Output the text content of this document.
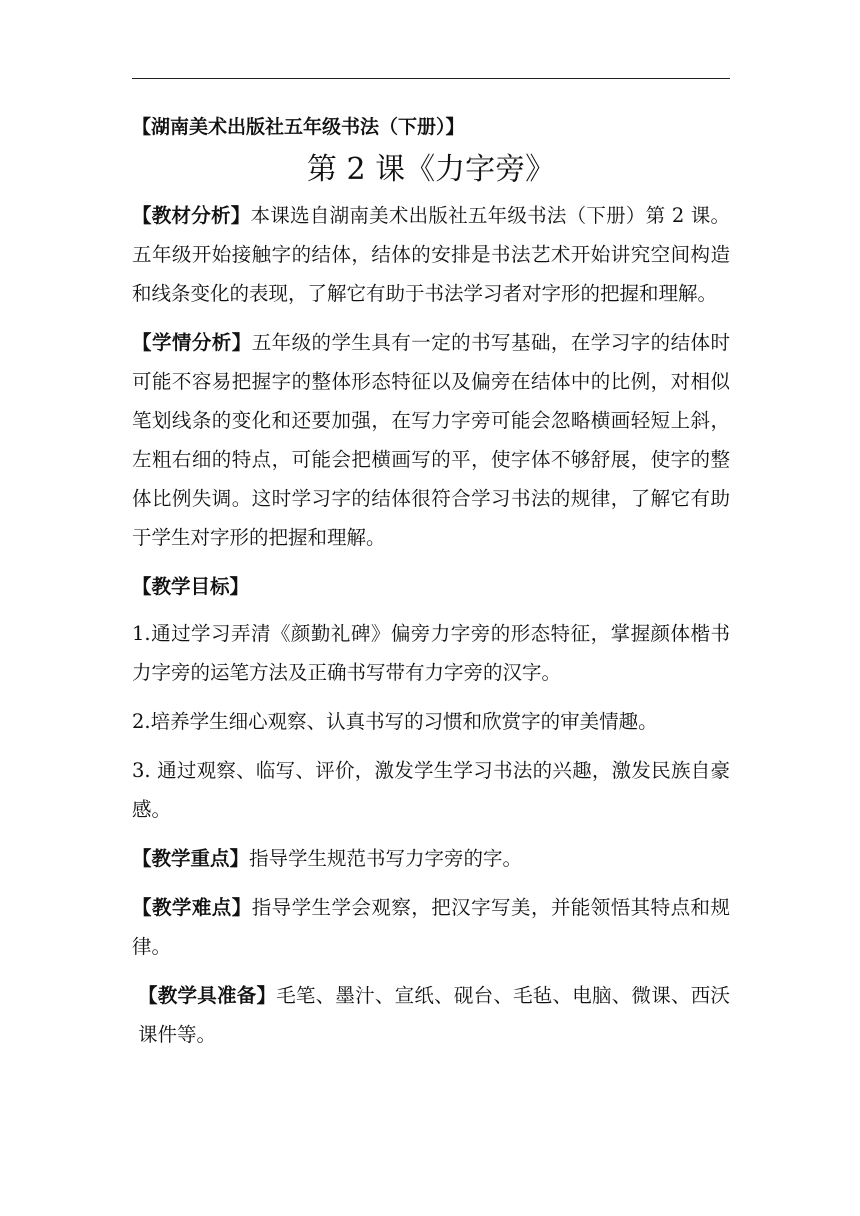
【湖南美术出版社五年级书法（下册）】
第 2 课《力字旁》

【教材分析】本课选自湖南美术出版社五年级书法（下册）第 2 课。五年级开始接触字的结体，结体的安排是书法艺术开始讲究空间构造和线条变化的表现，了解它有助于书法学习者对字形的把握和理解。

【学情分析】五年级的学生具有一定的书写基础，在学习字的结体时可能不容易把握字的整体形态特征以及偏旁在结体中的比例，对相似笔划线条的变化和还要加强，在写力字旁可能会忽略横画轻短上斜，左粗右细的特点，可能会把横画写的平，使字体不够舒展，使字的整体比例失调。这时学习字的结体很符合学习书法的规律，了解它有助于学生对字形的把握和理解。

【教学目标】

1.通过学习弄清《颜勤礼碑》偏旁力字旁的形态特征，掌握颜体楷书力字旁的运笔方法及正确书写带有力字旁的汉字。

2.培养学生细心观察、认真书写的习惯和欣赏字的审美情趣。

3. 通过观察、临写、评价，激发学生学习书法的兴趣，激发民族自豪感。

【教学重点】指导学生规范书写力字旁的字。

【教学难点】指导学生学会观察，把汉字写美，并能领悟其特点和规律。

【教学具准备】毛笔、墨汁、宣纸、砚台、毛毡、电脑、微课、西沃课件等。
